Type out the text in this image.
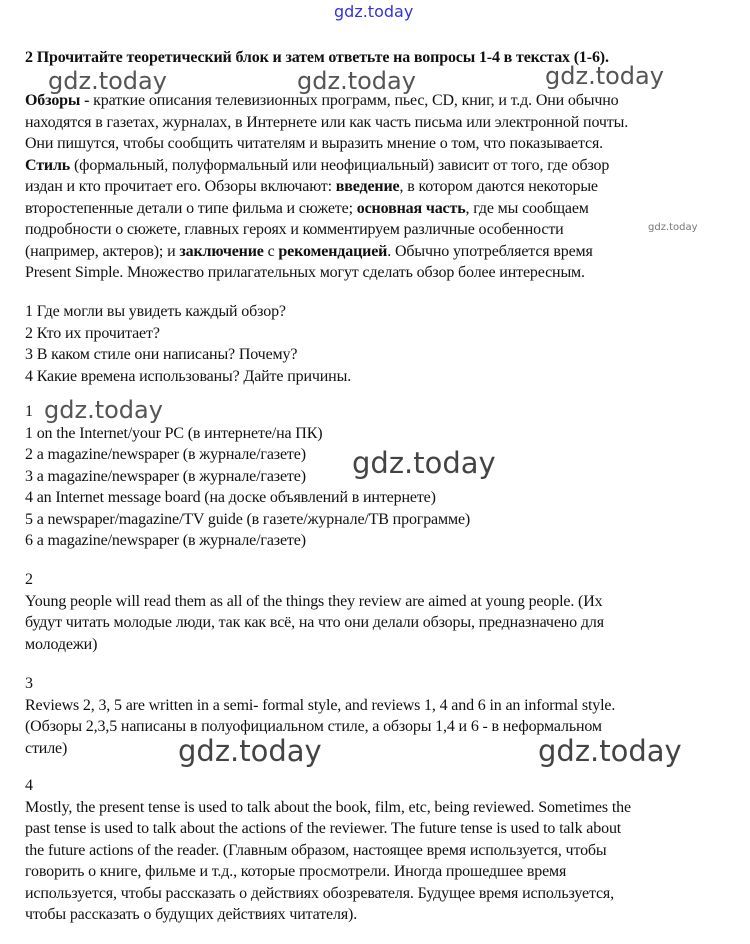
gdz.today
2 Прочитайте теоретический блок и затем ответьте на вопросы 1-4 в текстах (1-6).
Обзоры - краткие описания телевизионных программ, пьес, CD, книг, и т.д. Они обычно
находятся в газетах, журналах, в Интернете или как часть письма или электронной почты.
Они пишутся, чтобы сообщить читателям и выразить мнение о том, что показывается.
Стиль (формальный, полуформальный или неофициальный) зависит от того, где обзор
издан и кто прочитает его. Обзоры включают: введение, в котором даются некоторые
второстепенные детали о типе фильма и сюжете; основная часть, где мы сообщаем
подробности о сюжете, главных героях и комментируем различные особенности
(например, актеров); и заключение с рекомендацией. Обычно употребляется время
Present Simple. Множество прилагательных могут сделать обзор более интересным.
1 Где могли вы увидеть каждый обзор?
2 Кто их прочитает?
3 В каком стиле они написаны? Почему?
4 Какие времена использованы? Дайте причины.
1
1 on the Internet/your PC (в интернете/на ПК)
2 a magazine/newspaper (в журнале/газете)
3 a magazine/newspaper (в журнале/газете)
4 an Internet message board (на доске объявлений в интернете)
5 a newspaper/magazine/TV guide (в газете/журнале/ТВ программе)
6 a magazine/newspaper (в журнале/газете)
2
Young people will read them as all of the things they review are aimed at young people. (Их
будут читать молодые люди, так как всё, на что они делали обзоры, предназначено для
молодежи)
3
Reviews 2, 3, 5 are written in a semi- formal style, and reviews 1, 4 and 6 in an informal style.
(Обзоры 2,3,5 написаны в полуофициальном стиле, а обзоры 1,4 и 6 - в неформальном
стиле)
4
Mostly, the present tense is used to talk about the book, film, etc, being reviewed. Sometimes the
past tense is used to talk about the actions of the reviewer. The future tense is used to talk about
the future actions of the reader. (Главным образом, настоящее время используется, чтобы
говорить о книге, фильме и т.д., которые просмотрели. Иногда прошедшее время
используется, чтобы рассказать о действиях обозревателя. Будущее время используется,
чтобы рассказать о будущих действиях читателя).
gdz.today	gdz.today	gdz.today
gdz.today
gdz.today
gdz.today
gdz.today	gdz.today
